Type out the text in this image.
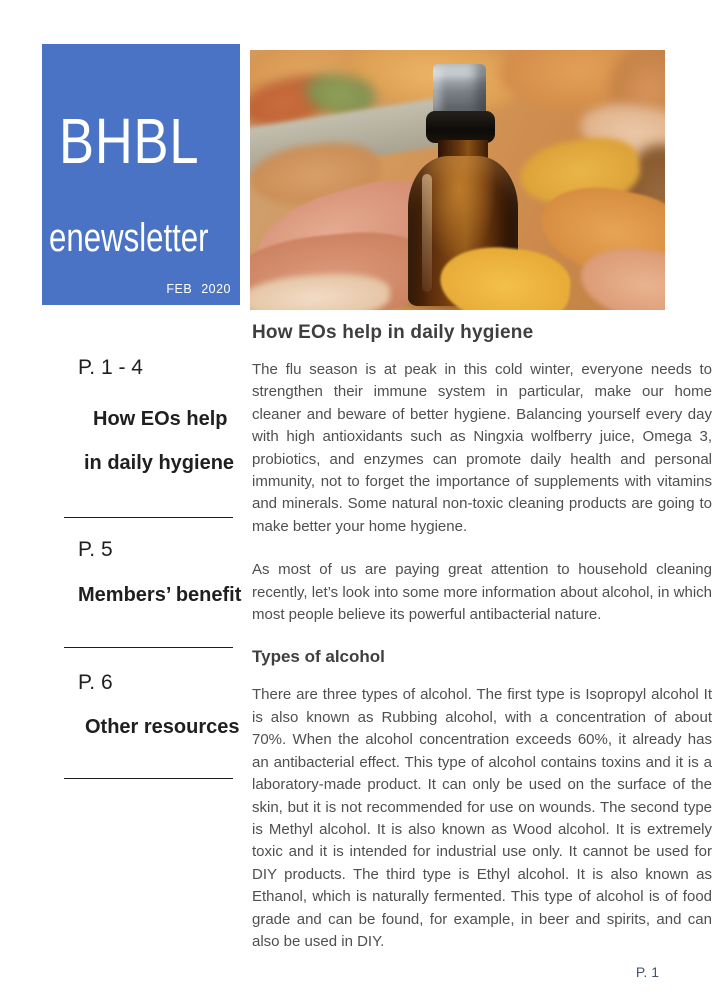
BHBL
enewsletter
FEB 2020
P. 1 - 4
How EOs help
in daily hygiene
P. 5
Members’ benefit
P. 6
Other resources
How EOs help in daily hygiene

The flu season is at peak in this cold winter, everyone needs to strengthen their immune system in particular, make our home cleaner and beware of better hygiene. Balancing yourself every day with high antioxidants such as Ningxia wolfberry juice, Omega 3, probiotics, and enzymes can promote daily health and personal immunity, not to forget the importance of supplements with vitamins and minerals. Some natural non-toxic cleaning products are going to make better your home hygiene.

As most of us are paying great attention to household cleaning recently, let’s look into some more information about alcohol, in which most people believe its powerful antibacterial nature.

Types of alcohol

There are three types of alcohol. The first type is Isopropyl alcohol It is also known as Rubbing alcohol, with a concentration of about 70%. When the alcohol concentration exceeds 60%, it already has an antibacterial effect. This type of alcohol contains toxins and it is a laboratory-made product. It can only be used on the surface of the skin, but it is not recommended for use on wounds. The second type is Methyl alcohol. It is also known as Wood alcohol. It is extremely toxic and it is intended for industrial use only. It cannot be used for DIY products. The third type is Ethyl alcohol. It is also known as Ethanol, which is naturally fermented. This type of alcohol is of food grade and can be found, for example, in beer and spirits, and can also be used in DIY.

P. 1
